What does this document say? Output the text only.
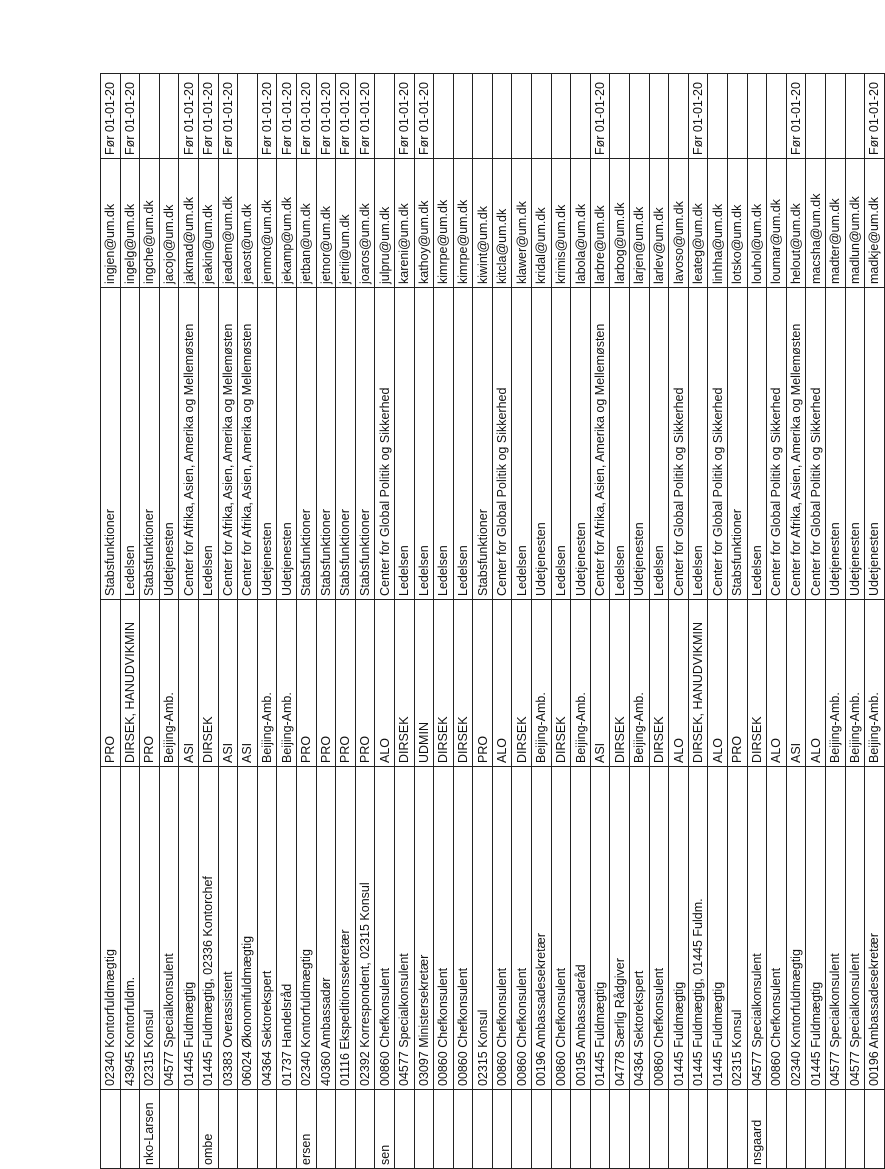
	02340 Kontorfuldmægtig	PRO	Stabsfunktioner	ingjen@um.dk	Før 01-01-20
	43945 Kontorfuldm.	DIRSEK, HANUDVIKMIN	Ledelsen	ingelg@um.dk	Før 01-01-20
nko-Larsen	02315 Konsul	PRO	Stabsfunktioner	ingche@um.dk	
	04577 Specialkonsulent	Beijing-Amb.	Udetjenesten	jacojo@um.dk	
	01445 Fuldmægtig	ASI	Center for Afrika, Asien, Amerika og Mellemøsten	jakmad@um.dk	Før 01-01-20
ombe	01445 Fuldmægtig, 02336 Kontorchef	DIRSEK	Ledelsen	jeakin@um.dk	Før 01-01-20
	03383 Overassistent	ASI	Center for Afrika, Asien, Amerika og Mellemøsten	jeadem@um.dk	Før 01-01-20
	06024 Økonomifuldmægtig	ASI	Center for Afrika, Asien, Amerika og Mellemøsten	jeaost@um.dk	
	04364 Sektorekspert	Beijing-Amb.	Udetjenesten	jenmot@um.dk	Før 01-01-20
	01737 Handelsråd	Beijing-Amb.	Udetjenesten	jekamp@um.dk	Før 01-01-20
ersen	02340 Kontorfuldmægtig	PRO	Stabsfunktioner	jetban@um.dk	Før 01-01-20
	40360 Ambassadør	PRO	Stabsfunktioner	jetnor@um.dk	Før 01-01-20
	01116 Ekspeditionssekretær	PRO	Stabsfunktioner	jetrii@um.dk	Før 01-01-20
	02392 Korrespondent, 02315 Konsul	PRO	Stabsfunktioner	joaros@um.dk	Før 01-01-20
sen	00860 Chefkonsulent	ALO	Center for Global Politik og Sikkerhed	julpru@um.dk	
	04577 Specialkonsulent	DIRSEK	Ledelsen	kareni@um.dk	Før 01-01-20
	03097 Ministersekretær	UDMIN	Ledelsen	kathoy@um.dk	Før 01-01-20
	00860 Chefkonsulent	DIRSEK	Ledelsen	kimrpe@um.dk	
	00860 Chefkonsulent	DIRSEK	Ledelsen	kimrpe@um.dk	
	02315 Konsul	PRO	Stabsfunktioner	kiwint@um.dk	
	00860 Chefkonsulent	ALO	Center for Global Politik og Sikkerhed	kitcla@um.dk	
	00860 Chefkonsulent	DIRSEK	Ledelsen	klawer@um.dk	
	00196 Ambassadesekretær	Beijing-Amb.	Udetjenesten	kridal@um.dk	
	00860 Chefkonsulent	DIRSEK	Ledelsen	krimis@um.dk	
	00195 Ambassaderåd	Beijing-Amb.	Udetjenesten	labola@um.dk	
	01445 Fuldmægtig	ASI	Center for Afrika, Asien, Amerika og Mellemøsten	larbre@um.dk	Før 01-01-20
	04778 Særlig Rådgiver	DIRSEK	Ledelsen	larbog@um.dk	
	04364 Sektorekspert	Beijing-Amb.	Udetjenesten	larjen@um.dk	
	00860 Chefkonsulent	DIRSEK	Ledelsen	larlev@um.dk	
	01445 Fuldmægtig	ALO	Center for Global Politik og Sikkerhed	lavoso@um.dk	
	01445 Fuldmægtig, 01445 Fuldm.	DIRSEK, HANUDVIKMIN	Ledelsen	leateg@um.dk	Før 01-01-20
	01445 Fuldmægtig	ALO	Center for Global Politik og Sikkerhed	linhha@um.dk	
	02315 Konsul	PRO	Stabsfunktioner	lotsko@um.dk	
nsgaard	04577 Specialkonsulent	DIRSEK	Ledelsen	louhol@um.dk	
	00860 Chefkonsulent	ALO	Center for Global Politik og Sikkerhed	loumar@um.dk	
	02340 Kontorfuldmægtig	ASI	Center for Afrika, Asien, Amerika og Mellemøsten	helout@um.dk	Før 01-01-20
	01445 Fuldmægtig	ALO	Center for Global Politik og Sikkerhed	macsha@um.dk	
	04577 Specialkonsulent	Beijing-Amb.	Udetjenesten	madter@um.dk	
	04577 Specialkonsulent	Beijing-Amb.	Udetjenesten	madlun@um.dk	
	00196 Ambassadesekretær	Beijing-Amb.	Udetjenesten	madkje@um.dk	Før 01-01-20
